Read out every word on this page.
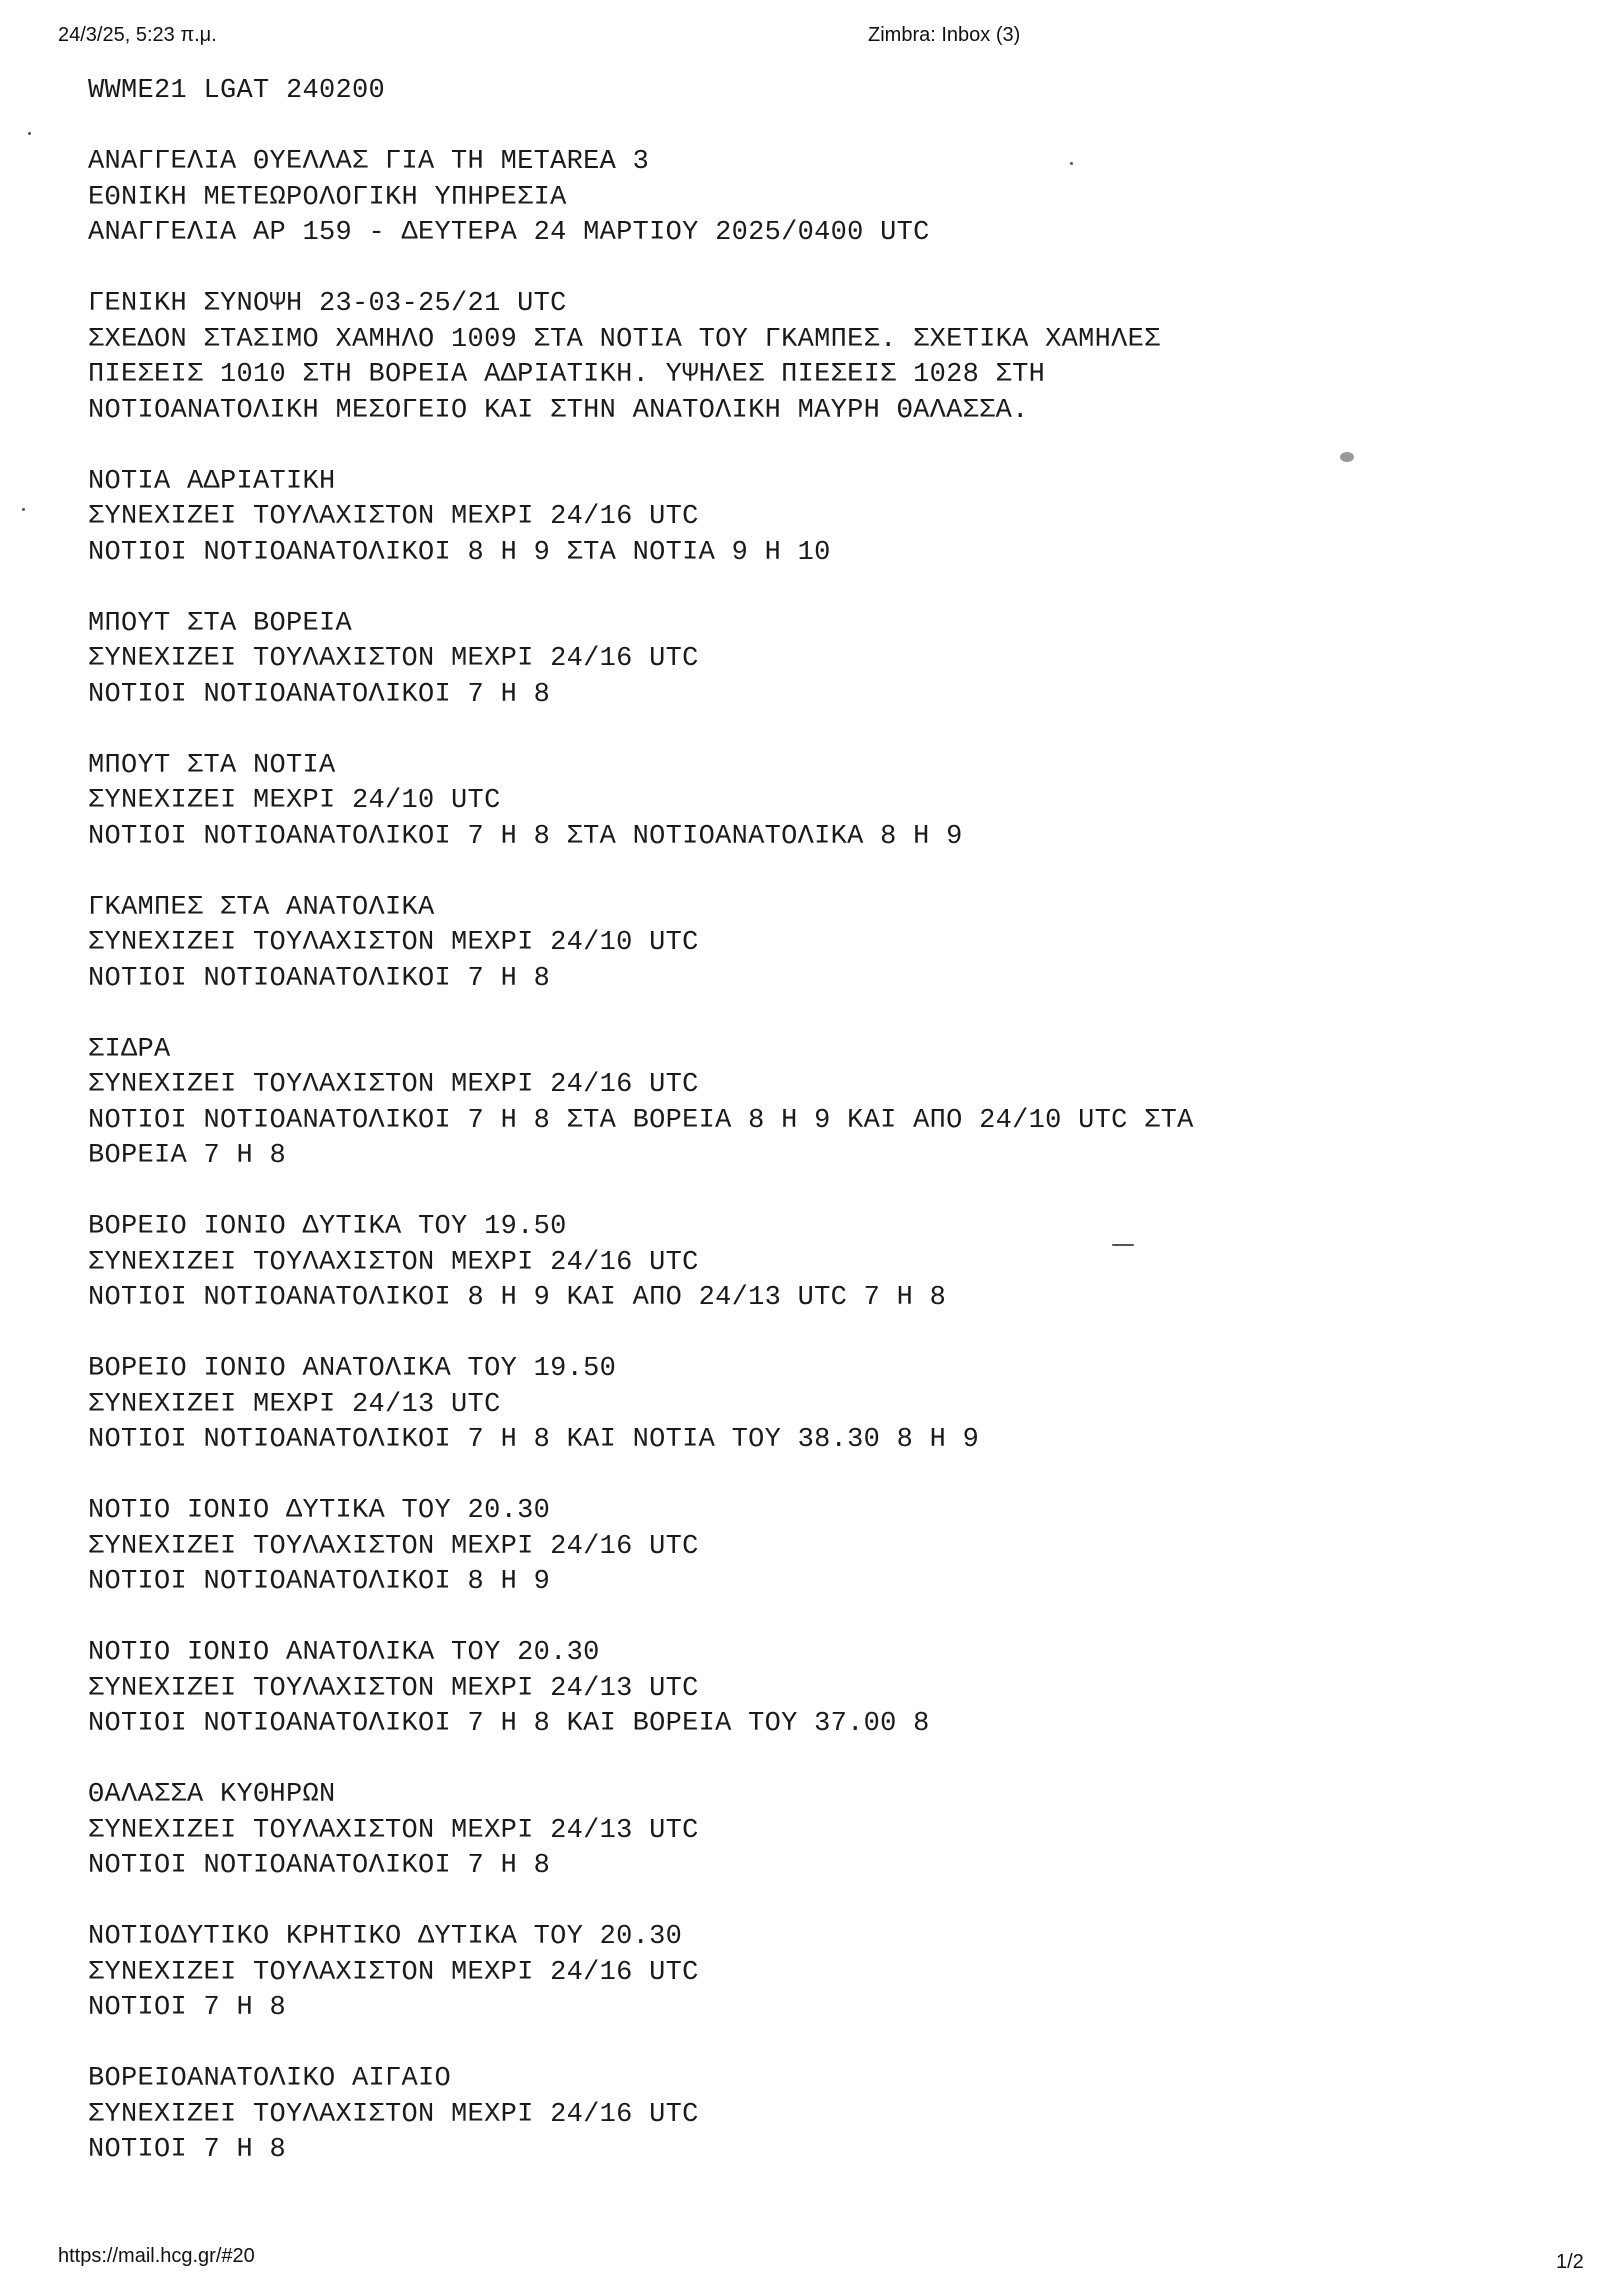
24/3/25, 5:23 π.μ.	Zimbra: Inbox (3)
WWME21 LGAT 240200
ΑΝΑΓΓΕΛΙΑ ΘΥΕΛΛΑΣ ΓΙΑ ΤΗ METAREA 3
ΕΘΝΙΚΗ ΜΕΤΕΩΡΟΛΟΓΙΚΗ ΥΠΗΡΕΣΙΑ
ΑΝΑΓΓΕΛΙΑ ΑΡ 159 - ΔΕΥΤΕΡΑ 24 ΜΑΡΤΙΟΥ 2025/0400 UTC
ΓΕΝΙΚΗ ΣΥΝΟΨΗ 23-03-25/21 UTC
ΣΧΕΔΟΝ ΣΤΑΣΙΜΟ ΧΑΜΗΛΟ 1009 ΣΤΑ ΝΟΤΙΑ ΤΟΥ ΓΚΑΜΠΕΣ. ΣΧΕΤΙΚΑ ΧΑΜΗΛΕΣ
ΠΙΕΣΕΙΣ 1010 ΣΤΗ ΒΟΡΕΙΑ ΑΔΡΙΑΤΙΚΗ. ΥΨΗΛΕΣ ΠΙΕΣΕΙΣ 1028 ΣΤΗ
ΝΟΤΙΟΑΝΑΤΟΛΙΚΗ ΜΕΣΟΓΕΙΟ ΚΑΙ ΣΤΗΝ ΑΝΑΤΟΛΙΚΗ ΜΑΥΡΗ ΘΑΛΑΣΣΑ.
ΝΟΤΙΑ ΑΔΡΙΑΤΙΚΗ
ΣΥΝΕΧΙΖΕΙ ΤΟΥΛΑΧΙΣΤΟΝ ΜΕΧΡΙ 24/16 UTC
ΝΟΤΙΟΙ ΝΟΤΙΟΑΝΑΤΟΛΙΚΟΙ 8 Η 9 ΣΤΑ ΝΟΤΙΑ 9 Η 10
ΜΠΟΥΤ ΣΤΑ ΒΟΡΕΙΑ
ΣΥΝΕΧΙΖΕΙ ΤΟΥΛΑΧΙΣΤΟΝ ΜΕΧΡΙ 24/16 UTC
ΝΟΤΙΟΙ ΝΟΤΙΟΑΝΑΤΟΛΙΚΟΙ 7 Η 8
ΜΠΟΥΤ ΣΤΑ ΝΟΤΙΑ
ΣΥΝΕΧΙΖΕΙ ΜΕΧΡΙ 24/10 UTC
ΝΟΤΙΟΙ ΝΟΤΙΟΑΝΑΤΟΛΙΚΟΙ 7 Η 8 ΣΤΑ ΝΟΤΙΟΑΝΑΤΟΛΙΚΑ 8 Η 9
ΓΚΑΜΠΕΣ ΣΤΑ ΑΝΑΤΟΛΙΚΑ
ΣΥΝΕΧΙΖΕΙ ΤΟΥΛΑΧΙΣΤΟΝ ΜΕΧΡΙ 24/10 UTC
ΝΟΤΙΟΙ ΝΟΤΙΟΑΝΑΤΟΛΙΚΟΙ 7 Η 8
ΣΙΔΡΑ
ΣΥΝΕΧΙΖΕΙ ΤΟΥΛΑΧΙΣΤΟΝ ΜΕΧΡΙ 24/16 UTC
ΝΟΤΙΟΙ ΝΟΤΙΟΑΝΑΤΟΛΙΚΟΙ 7 Η 8 ΣΤΑ ΒΟΡΕΙΑ 8 Η 9 ΚΑΙ ΑΠΟ 24/10 UTC ΣΤΑ
ΒΟΡΕΙΑ 7 Η 8
ΒΟΡΕΙΟ ΙΟΝΙΟ ΔΥΤΙΚΑ ΤΟΥ 19.50
ΣΥΝΕΧΙΖΕΙ ΤΟΥΛΑΧΙΣΤΟΝ ΜΕΧΡΙ 24/16 UTC
ΝΟΤΙΟΙ ΝΟΤΙΟΑΝΑΤΟΛΙΚΟΙ 8 Η 9 ΚΑΙ ΑΠΟ 24/13 UTC 7 Η 8
ΒΟΡΕΙΟ ΙΟΝΙΟ ΑΝΑΤΟΛΙΚΑ ΤΟΥ 19.50
ΣΥΝΕΧΙΖΕΙ ΜΕΧΡΙ 24/13 UTC
ΝΟΤΙΟΙ ΝΟΤΙΟΑΝΑΤΟΛΙΚΟΙ 7 Η 8 ΚΑΙ ΝΟΤΙΑ ΤΟΥ 38.30 8 Η 9
ΝΟΤΙΟ ΙΟΝΙΟ ΔΥΤΙΚΑ ΤΟΥ 20.30
ΣΥΝΕΧΙΖΕΙ ΤΟΥΛΑΧΙΣΤΟΝ ΜΕΧΡΙ 24/16 UTC
ΝΟΤΙΟΙ ΝΟΤΙΟΑΝΑΤΟΛΙΚΟΙ 8 Η 9
ΝΟΤΙΟ ΙΟΝΙΟ ΑΝΑΤΟΛΙΚΑ ΤΟΥ 20.30
ΣΥΝΕΧΙΖΕΙ ΤΟΥΛΑΧΙΣΤΟΝ ΜΕΧΡΙ 24/13 UTC
ΝΟΤΙΟΙ ΝΟΤΙΟΑΝΑΤΟΛΙΚΟΙ 7 Η 8 ΚΑΙ ΒΟΡΕΙΑ ΤΟΥ 37.00 8
ΘΑΛΑΣΣΑ ΚΥΘΗΡΩΝ
ΣΥΝΕΧΙΖΕΙ ΤΟΥΛΑΧΙΣΤΟΝ ΜΕΧΡΙ 24/13 UTC
ΝΟΤΙΟΙ ΝΟΤΙΟΑΝΑΤΟΛΙΚΟΙ 7 Η 8
ΝΟΤΙΟΔΥΤΙΚΟ ΚΡΗΤΙΚΟ ΔΥΤΙΚΑ ΤΟΥ 20.30
ΣΥΝΕΧΙΖΕΙ ΤΟΥΛΑΧΙΣΤΟΝ ΜΕΧΡΙ 24/16 UTC
ΝΟΤΙΟΙ 7 Η 8
ΒΟΡΕΙΟΑΝΑΤΟΛΙΚΟ ΑΙΓΑΙΟ
ΣΥΝΕΧΙΖΕΙ ΤΟΥΛΑΧΙΣΤΟΝ ΜΕΧΡΙ 24/16 UTC
ΝΟΤΙΟΙ 7 Η 8
https://mail.hcg.gr/#20	1/2
